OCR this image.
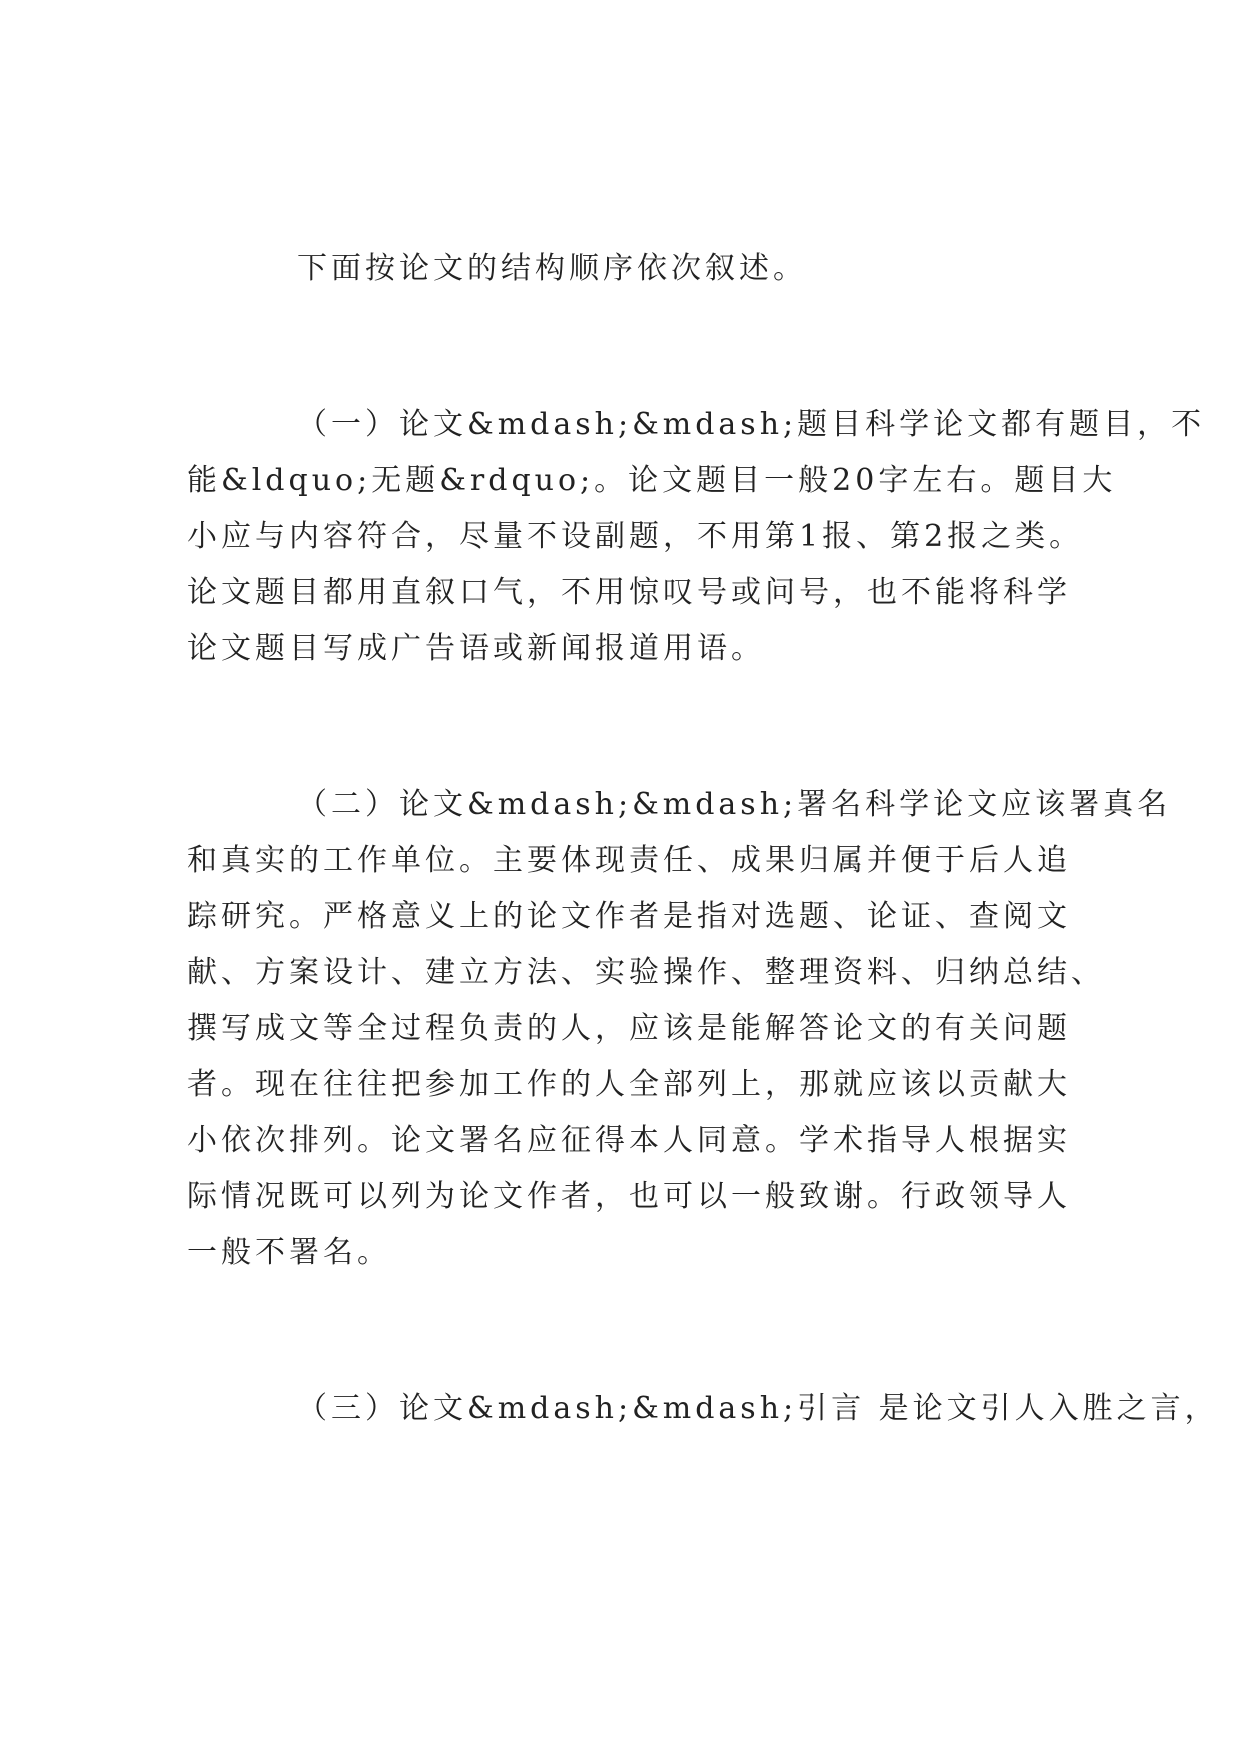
下面按论文的结构顺序依次叙述。

（一）论文&mdash;&mdash;题目科学论文都有题目，不

能&ldquo;无题&rdquo;。论文题目一般20字左右。题目大

小应与内容符合，尽量不设副题，不用第1报、第2报之类。

论文题目都用直叙口气，不用惊叹号或问号，也不能将科学

论文题目写成广告语或新闻报道用语。

（二）论文&mdash;&mdash;署名科学论文应该署真名

和真实的工作单位。主要体现责任、成果归属并便于后人追

踪研究。严格意义上的论文作者是指对选题、论证、查阅文

献、方案设计、建立方法、实验操作、整理资料、归纳总结、

撰写成文等全过程负责的人，应该是能解答论文的有关问题

者。现在往往把参加工作的人全部列上，那就应该以贡献大

小依次排列。论文署名应征得本人同意。学术指导人根据实

际情况既可以列为论文作者，也可以一般致谢。行政领导人

一般不署名。

（三）论文&mdash;&mdash;引言 是论文引人入胜之言，
